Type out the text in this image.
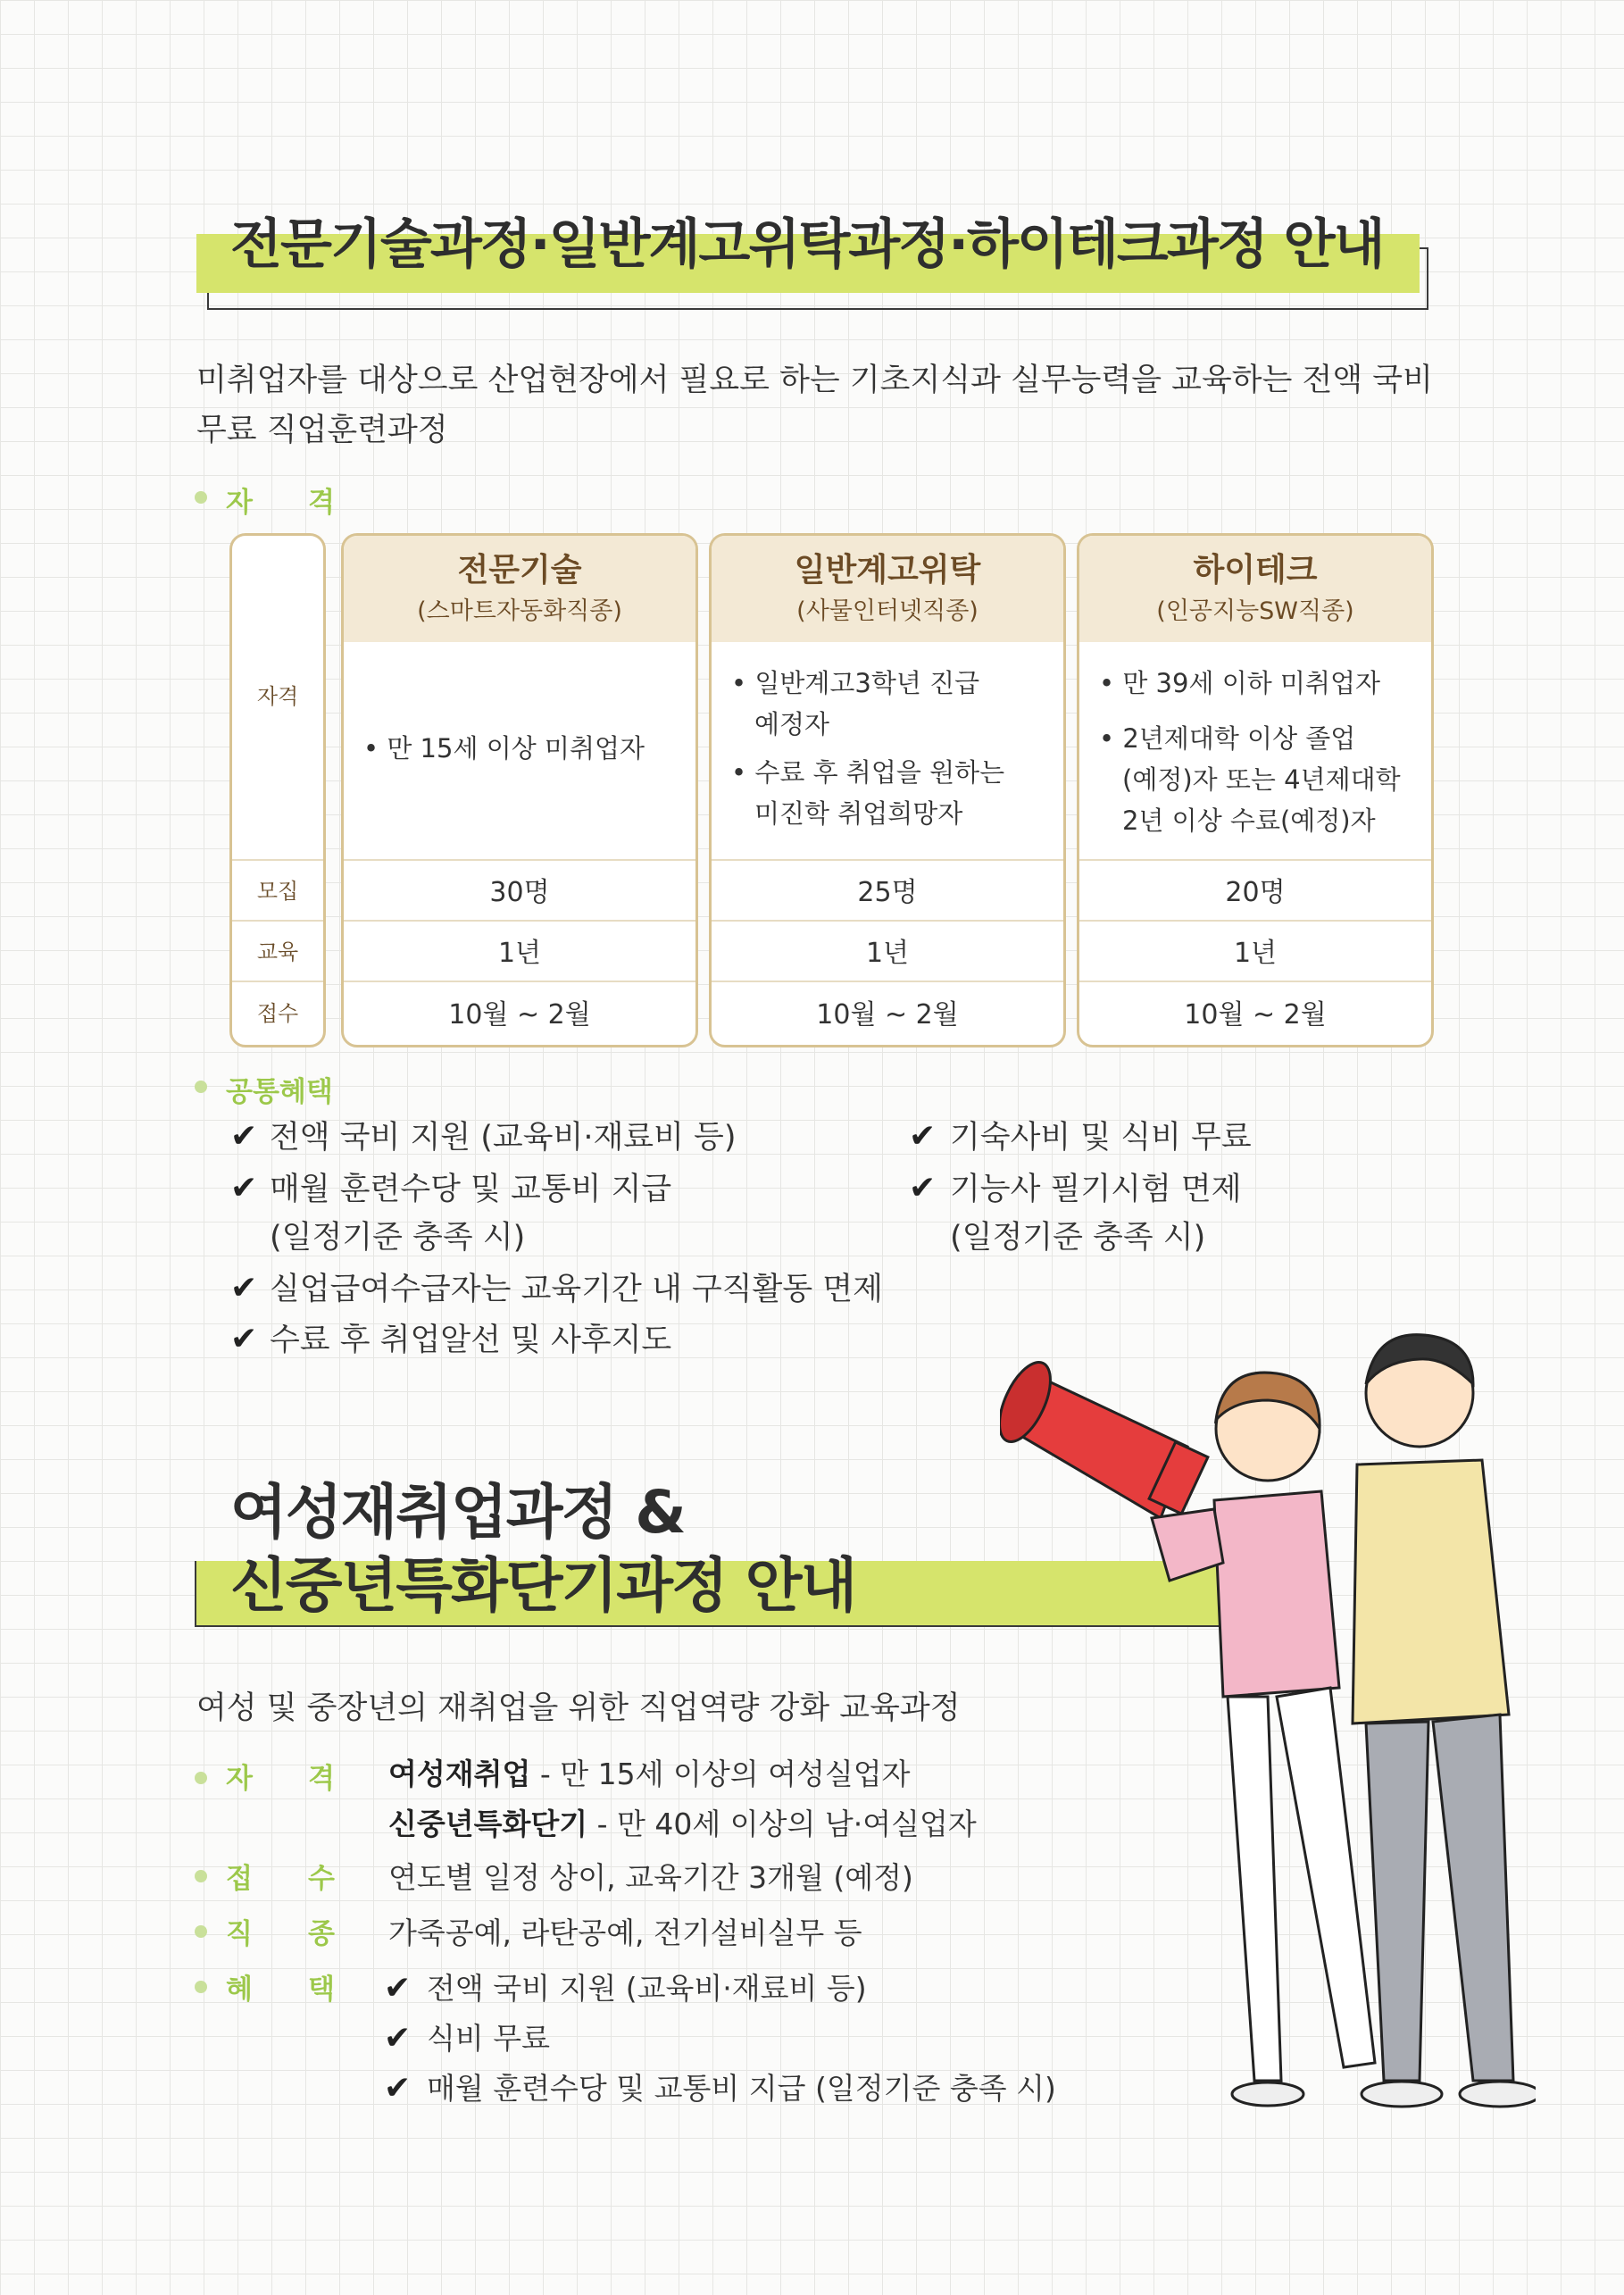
전문기술과정·일반계고위탁과정·하이테크과정 안내
미취업자를 대상으로 산업현장에서 필요로 하는 기초지식과 실무능력을 교육하는 전액 국비
무료 직업훈련과정
자　　격
자격
모집
교육
접수
전문기술
(스마트자동화직종)
• 만 15세 이상 미취업자
30명
1년
10월 ~ 2월
일반계고위탁
(사물인터넷직종)
• 일반계고3학년 진급
예정자
• 수료 후 취업을 원하는
미진학 취업희망자
25명
1년
10월 ~ 2월
하이테크
(인공지능SW직종)
• 만 39세 이하 미취업자
• 2년제대학 이상 졸업
(예정)자 또는 4년제대학
2년 이상 수료(예정)자
20명
1년
10월 ~ 2월
공통혜택
✔ 전액 국비 지원 (교육비·재료비 등)
✔ 매월 훈련수당 및 교통비 지급
(일정기준 충족 시)
✔ 실업급여수급자는 교육기간 내 구직활동 면제
✔ 수료 후 취업알선 및 사후지도
✔ 기숙사비 및 식비 무료
✔ 기능사 필기시험 면제
(일정기준 충족 시)
여성재취업과정 &
신중년특화단기과정 안내
여성 및 중장년의 재취업을 위한 직업역량 강화 교육과정
자　　격 여성재취업 - 만 15세 이상의 여성실업자
신중년특화단기 - 만 40세 이상의 남·여실업자
접　　수 연도별 일정 상이, 교육기간 3개월 (예정)
직　　종 가죽공예, 라탄공예, 전기설비실무 등
혜　　택 ✔ 전액 국비 지원 (교육비·재료비 등)
✔ 식비 무료
✔ 매월 훈련수당 및 교통비 지급 (일정기준 충족 시)
